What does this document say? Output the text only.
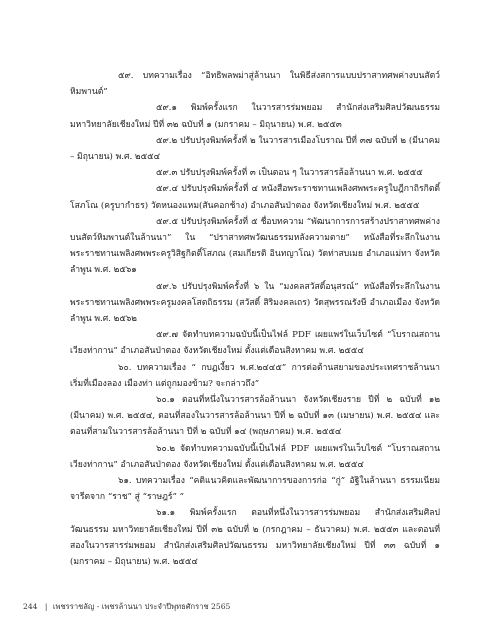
๕๙. บทความเรื่อง “อิทธิพลพม่าสู่ล้านนา ในพิธีส่งสการแบบปราสาทศพค่างบนสัตว์หิมพานต์”

๕๙.๑ พิมพ์ครั้งแรก ในวารสารร่มพยอม สำนักส่งเสริมศิลปวัฒนธรรม มหาวิทยาลัยเชียงใหม่ ปีที่ ๓๒ ฉบับที่ ๑ (มกราคม – มิถุนายน) พ.ศ. ๒๕๕๓

๕๙.๒ ปรับปรุงพิมพ์ครั้งที่ ๒ ในวารสารเมืองโบราณ ปีที่ ๓๗ ฉบับที่ ๒ (มีนาคม – มิถุนายน) พ.ศ. ๒๕๕๔

๕๙.๓ ปรับปรุงพิมพ์ครั้งที่ ๓ เป็นตอน ๆ ในวารสารล้อล้านนา พ.ศ. ๒๕๕๕

๕๙.๔ ปรับปรุงพิมพ์ครั้งที่ ๔ หนังสือพระราชทานเพลิงศพพระครูใบฎีกาถิรกิตติ์โสภโณ (ครูบากำธร) วัดหนองแหม(สันคอกช้าง) อำเภอสันป่าตอง จังหวัดเชียงใหม่ พ.ศ. ๒๕๕๕

๕๙.๕ ปรับปรุงพิมพ์ครั้งที่ ๕ ชื่อบทความ “พัฒนาการการสร้างปราสาทศพค่างบนสัตว์หิมพานต์ในล้านนา” ใน “ปราสาทศพวัฒนธรรมหลังความตาย” หนังสือที่ระลึกในงานพระราชทานเพลิงศพพระครูวิสิฐกิตติ์โสภณ (สมเกียรติ อินทญาโณ) วัดท่าสบเมย อำเภอแม่ทา จังหวัดลำพูน พ.ศ. ๒๕๖๑

๕๙.๖ ปรับปรุงพิมพ์ครั้งที่ ๖ ใน “มงคลสวัสดิ์อนุสรณ์” หนังสือที่ระลึกในงานพระราชทานเพลิงศพพระครูมงคลโสตถิธรรม (สวัสดิ์ สิริมงคลเถร) วัดสุพรรณรังษี อำเภอเมือง จังหวัดลำพูน พ.ศ. ๒๕๖๒

๕๙.๗ จัดทำบทความฉบับนี้เป็นไฟล์ PDF เผยแพร่ในเว็บไซต์ “โบราณสถานเวียงท่ากาน” อำเภอสันป่าตอง จังหวัดเชียงใหม่ ตั้งแต่เดือนสิงหาคม พ.ศ. ๒๕๕๔

๖๐. บทความเรื่อง “ กบฏเงี้ยว พ.ศ.๒๔๔๕” การต่อต้านสยามของประเทศราชล้านนา เริ่มที่เมืองลอง เมืองท่า แต่ถูกมองข้าม? จะกล่าวถึง”

๖๐.๑ ตอนที่หนึ่งในวารสารล้อล้านนา จังหวัดเชียงราย ปีที่ ๒ ฉบับที่ ๑๒ (มีนาคม) พ.ศ. ๒๕๕๔, ตอนที่สองในวารสารล้อล้านนา ปีที่ ๒ ฉบับที่ ๑๓ (เมษายน) พ.ศ. ๒๕๕๔ และตอนที่สามในวารสารล้อล้านนา ปีที่ ๒ ฉบับที่ ๑๔ (พฤษภาคม) พ.ศ. ๒๕๕๔

๖๐.๒ จัดทำบทความฉบับนี้เป็นไฟล์ PDF เผยแพร่ในเว็บไซต์ “โบราณสถานเวียงท่ากาน” อำเภอสันป่าตอง จังหวัดเชียงใหม่ ตั้งแต่เดือนสิงหาคม พ.ศ. ๒๕๕๔

๖๑. บทความเรื่อง “คติแนวคิดและพัฒนาการของการก่อ “กู่” อัฐิในล้านนา ธรรมเนียมจารีตจาก “ราช” สู่ “ราษฎร์” ”

๖๑.๑ พิมพ์ครั้งแรก ตอนที่หนึ่งในวารสารร่มพยอม สำนักส่งเสริมศิลปวัฒนธรรม มหาวิทยาลัยเชียงใหม่ ปีที่ ๓๒ ฉบับที่ ๒ (กรกฎาคม – ธันวาคม) พ.ศ. ๒๕๕๓ และตอนที่สองในวารสารร่มพยอม สำนักส่งเสริมศิลปวัฒนธรรม มหาวิทยาลัยเชียงใหม่ ปีที่ ๓๓ ฉบับที่ ๑ (มกราคม – มิถุนายน) พ.ศ. ๒๕๕๔

244 | เพชรราชลัญ - เพชรล้านนา ประจำปีพุทธศักราช 2565
